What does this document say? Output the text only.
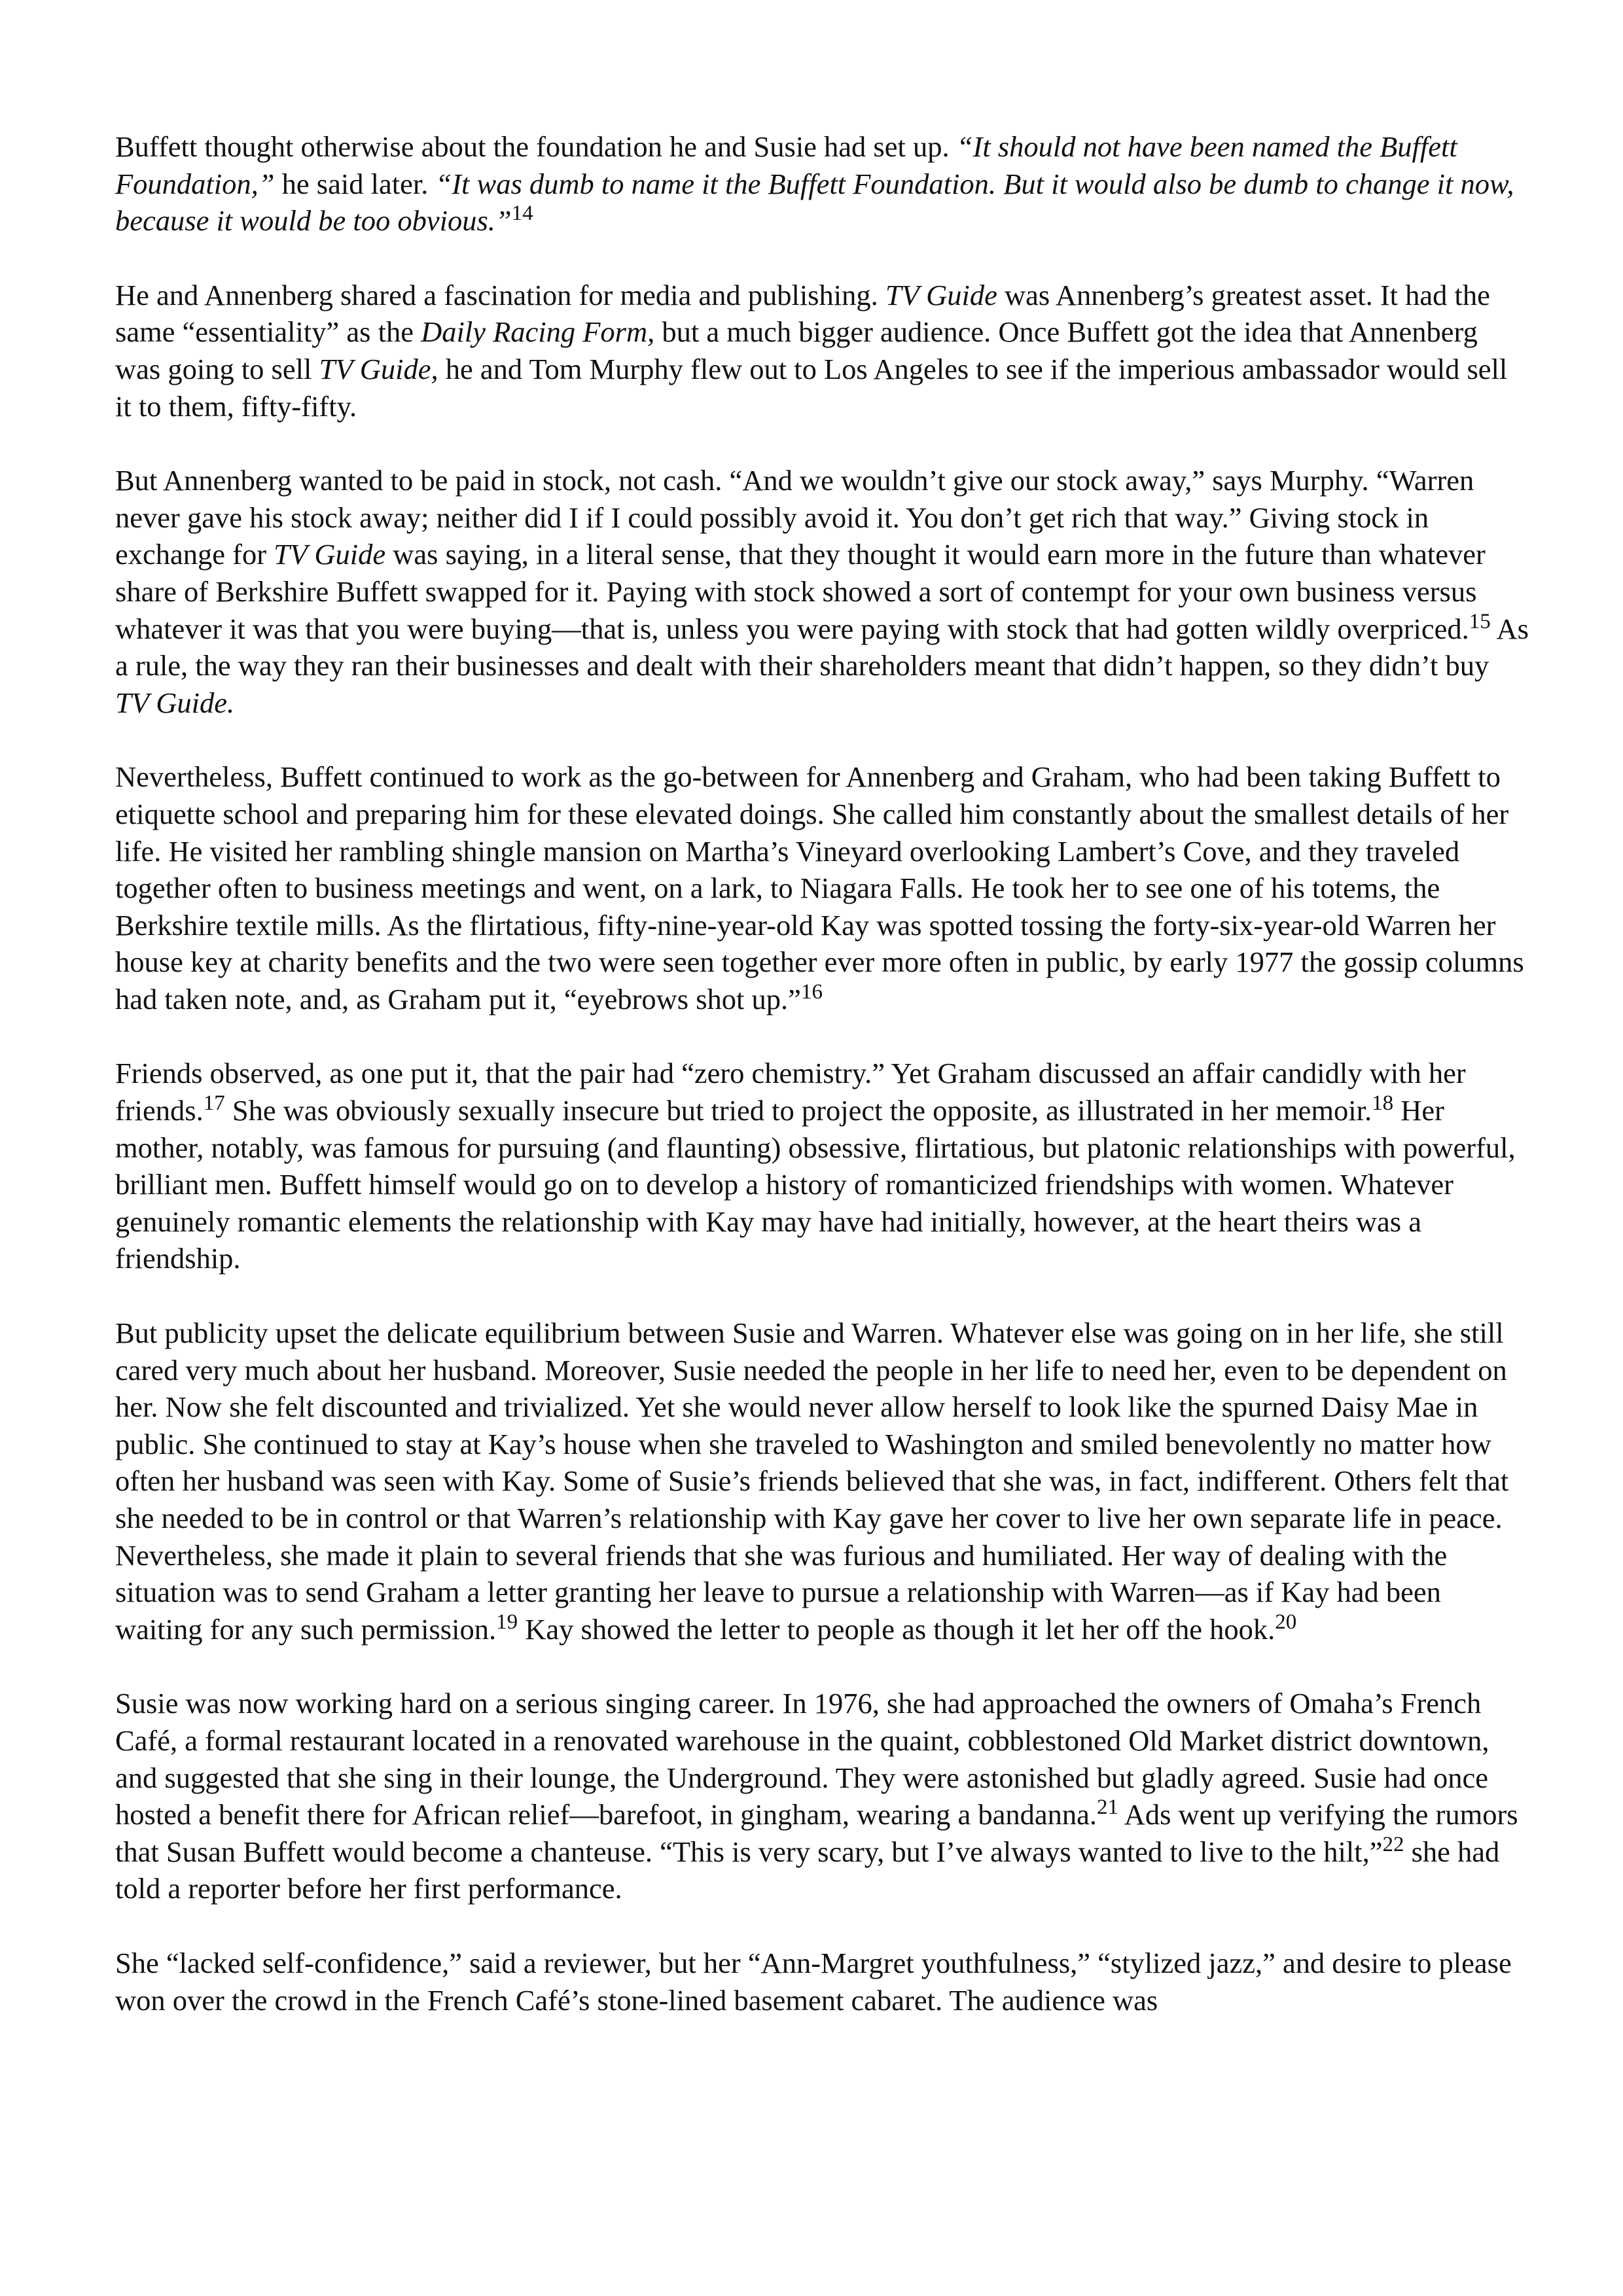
Buffett thought otherwise about the foundation he and Susie had set up. “It should not have been named the Buffett Foundation,” he said later. “It was dumb to name it the Buffett Foundation. But it would also be dumb to change it now, because it would be too obvious.”$^{14}$

He and Annenberg shared a fascination for media and publishing. TV Guide was Annenberg’s greatest asset. It had the same “essentiality” as the Daily Racing Form, but a much bigger audience. Once Buffett got the idea that Annenberg was going to sell TV Guide, he and Tom Murphy flew out to Los Angeles to see if the imperious ambassador would sell it to them, fifty-fifty.

But Annenberg wanted to be paid in stock, not cash. “And we wouldn’t give our stock away,” says Murphy. “Warren never gave his stock away; neither did I if I could possibly avoid it. You don’t get rich that way.” Giving stock in exchange for TV Guide was saying, in a literal sense, that they thought it would earn more in the future than whatever share of Berkshire Buffett swapped for it. Paying with stock showed a sort of contempt for your own business versus whatever it was that you were buying—that is, unless you were paying with stock that had gotten wildly overpriced.$^{15}$ As a rule, the way they ran their businesses and dealt with their shareholders meant that didn’t happen, so they didn’t buy TV Guide.

Nevertheless, Buffett continued to work as the go-between for Annenberg and Graham, who had been taking Buffett to etiquette school and preparing him for these elevated doings. She called him constantly about the smallest details of her life. He visited her rambling shingle mansion on Martha’s Vineyard overlooking Lambert’s Cove, and they traveled together often to business meetings and went, on a lark, to Niagara Falls. He took her to see one of his totems, the Berkshire textile mills. As the flirtatious, fifty-nine-year-old Kay was spotted tossing the forty-six-year-old Warren her house key at charity benefits and the two were seen together ever more often in public, by early 1977 the gossip columns had taken note, and, as Graham put it, “eyebrows shot up.”$^{16}$

Friends observed, as one put it, that the pair had “zero chemistry.” Yet Graham discussed an affair candidly with her friends.$^{17}$ She was obviously sexually insecure but tried to project the opposite, as illustrated in her memoir.$^{18}$ Her mother, notably, was famous for pursuing (and flaunting) obsessive, flirtatious, but platonic relationships with powerful, brilliant men. Buffett himself would go on to develop a history of romanticized friendships with women. Whatever genuinely romantic elements the relationship with Kay may have had initially, however, at the heart theirs was a friendship.

But publicity upset the delicate equilibrium between Susie and Warren. Whatever else was going on in her life, she still cared very much about her husband. Moreover, Susie needed the people in her life to need her, even to be dependent on her. Now she felt discounted and trivialized. Yet she would never allow herself to look like the spurned Daisy Mae in public. She continued to stay at Kay’s house when she traveled to Washington and smiled benevolently no matter how often her husband was seen with Kay. Some of Susie’s friends believed that she was, in fact, indifferent. Others felt that she needed to be in control or that Warren’s relationship with Kay gave her cover to live her own separate life in peace. Nevertheless, she made it plain to several friends that she was furious and humiliated. Her way of dealing with the situation was to send Graham a letter granting her leave to pursue a relationship with Warren—as if Kay had been waiting for any such permission.$^{19}$ Kay showed the letter to people as though it let her off the hook.$^{20}$

Susie was now working hard on a serious singing career. In 1976, she had approached the owners of Omaha’s French Café, a formal restaurant located in a renovated warehouse in the quaint, cobblestoned Old Market district downtown, and suggested that she sing in their lounge, the Underground. They were astonished but gladly agreed. Susie had once hosted a benefit there for African relief—barefoot, in gingham, wearing a bandanna.$^{21}$ Ads went up verifying the rumors that Susan Buffett would become a chanteuse. “This is very scary, but I’ve always wanted to live to the hilt,”$^{22}$ she had told a reporter before her first performance.

She “lacked self-confidence,” said a reviewer, but her “Ann-Margret youthfulness,” “stylized jazz,” and desire to please won over the crowd in the French Café’s stone-lined basement cabaret. The audience was
